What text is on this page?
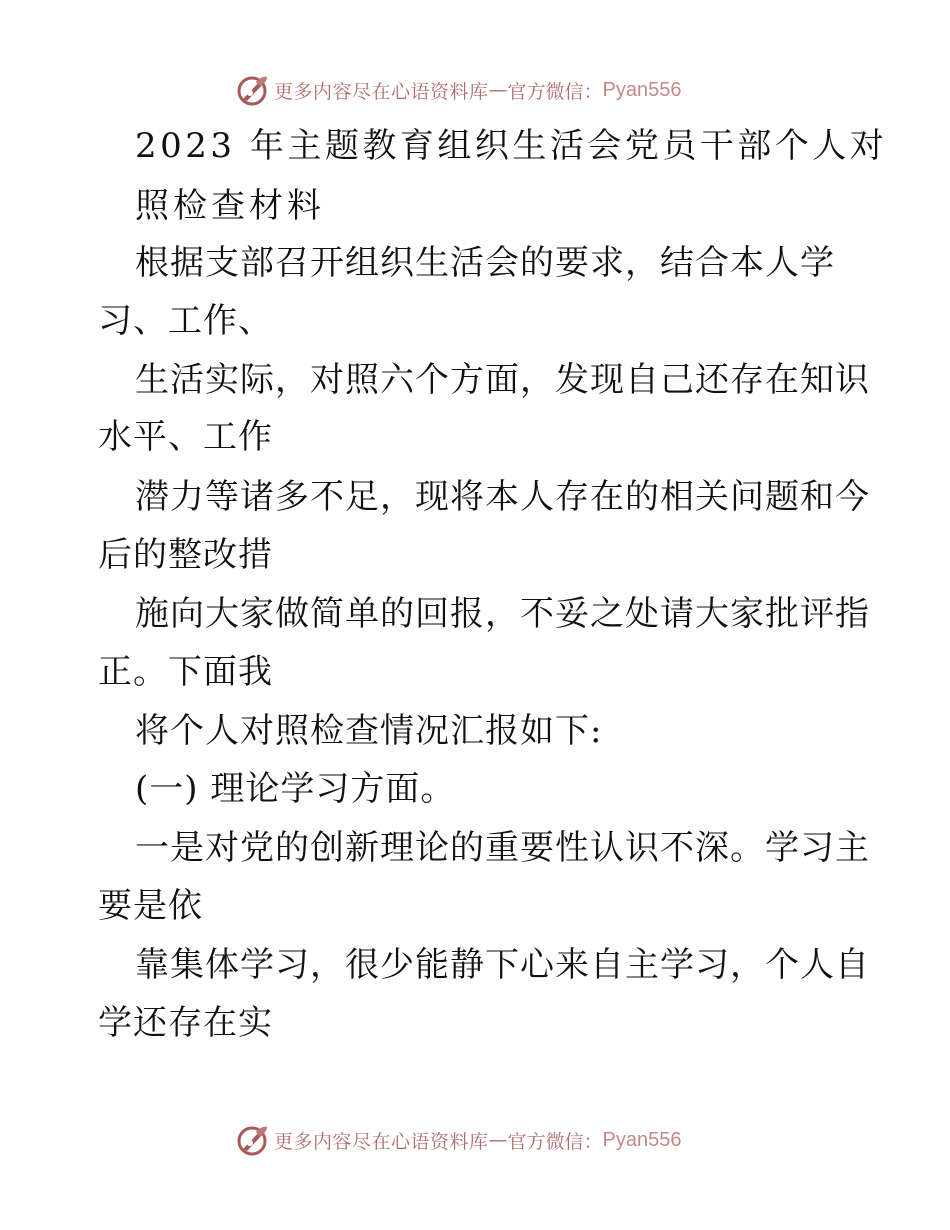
更多内容尽在心语资料库 — 官方微信： Pyan556
2023 年主题教育组织生活会党员干部个人对
照检查材料
根据支部召开组织生活会的要求，结合本人学
习、工作、
生活实际，对照六个方面，发现自己还存在知识
水平、工作
潜力等诸多不足，现将本人存在的相关问题和今
后的整改措
施向大家做简单的回报，不妥之处请大家批评指
正。下面我
将个人对照检查情况汇报如下:
(一) 理论学习方面。
一是对党的创新理论的重要性认识不深。学习主
要是依
靠集体学习，很少能静下心来自主学习，个人自
学还存在实
更多内容尽在心语资料库 — 官方微信： Pyan556
